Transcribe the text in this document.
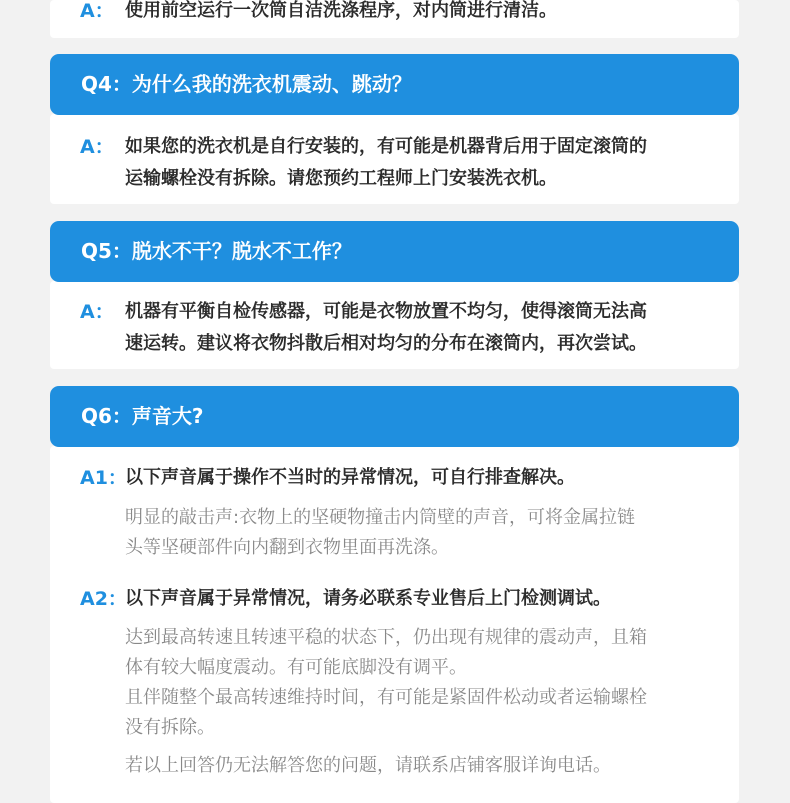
A： 使用前空运行一次筒自洁洗涤程序，对内筒进行清洁。
Q4：为什么我的洗衣机震动、跳动？
A： 如果您的洗衣机是自行安装的，有可能是机器背后用于固定滚筒的
运输螺栓没有拆除。请您预约工程师上门安装洗衣机。
Q5：脱水不干？脱水不工作？
A： 机器有平衡自检传感器，可能是衣物放置不均匀，使得滚筒无法高
速运转。建议将衣物抖散后相对均匀的分布在滚筒内，再次尝试。
Q6：声音大?
A1：
以下声音属于操作不当时的异常情况，可自行排查解决。
明显的敲击声:衣物上的坚硬物撞击内筒壁的声音，可将金属拉链
头等坚硬部件向内翻到衣物里面再洗涤。
A2：
以下声音属于异常情况，请务必联系专业售后上门检测调试。
达到最高转速且转速平稳的状态下，仍出现有规律的震动声，且箱
体有较大幅度震动。有可能底脚没有调平。
且伴随整个最高转速维持时间，有可能是紧固件松动或者运输螺栓
没有拆除。
若以上回答仍无法解答您的问题，请联系店铺客服详询电话。
